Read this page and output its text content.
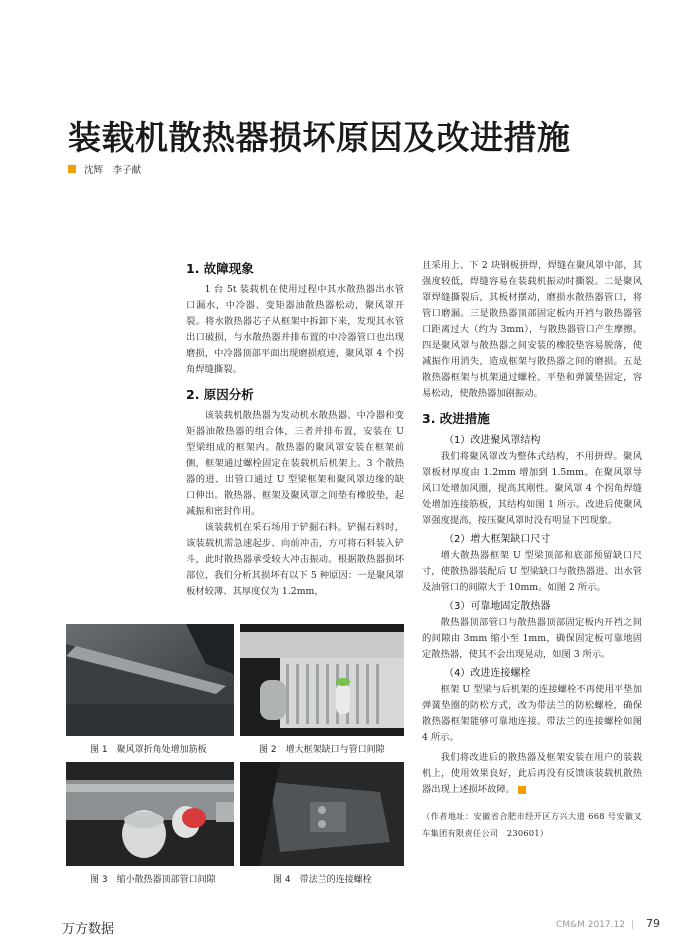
装载机散热器损坏原因及改进措施
沈辉　李子献
1. 故障现象

1 台 5t 装载机在使用过程中其水散热器出水管口漏水，中冷器、变矩器油散热器松动，聚风罩开裂。将水散热器芯子从框架中拆卸下来，发现其水管出口破损，与水散热器并排布置的中冷器管口也出现磨损，中冷器顶部平面出现磨损痕迹，聚风罩 4 个拐角焊缝撕裂。

2. 原因分析

该装载机散热器为发动机水散热器、中冷器和变矩器油散热器的组合体，三者并排布置，安装在 U 型梁组成的框架内。散热器的聚风罩安装在框架前侧，框架通过螺栓固定在装载机后机架上。3 个散热器的进、出管口通过 U 型梁框架和聚风罩边缘的缺口伸出。散热器、框架及聚风罩之间垫有橡胶垫，起减振和密封作用。

该装载机在采石场用于铲掘石料。铲掘石料时，该装载机需急速起步、向前冲击，方可将石料装入铲斗，此时散热器承受较大冲击振动。根据散热器损坏部位，我们分析其损坏有以下 5 种原因：一是聚风罩板材较薄、其厚度仅为 1.2mm，

且采用上、下 2 块钢板拼焊，焊缝在聚风罩中部，其强度较低，焊缝容易在装载机振动时撕裂。二是聚风罩焊缝撕裂后，其板材摆动，磨损水散热器管口，将管口磨漏。三是散热器顶部固定板内开裆与散热器管口距离过大（约为 3mm），与散热器管口产生摩擦。四是聚风罩与散热器之间安装的橡胶垫容易脱落，使减振作用消失，造成框架与散热器之间的磨损。五是散热器框架与机架通过螺栓、平垫和弹簧垫固定，容易松动，使散热器加剧振动。

3. 改进措施
（1）改进聚风罩结构

我们将聚风罩改为整体式结构，不用拼焊。聚风罩板材厚度由 1.2mm 增加到 1.5mm。在聚风罩导风口处增加风圈，提高其刚性。聚风罩 4 个拐角焊缝处增加连接筋板，其结构如图 1 所示。改进后使聚风罩强度提高，按压聚风罩时没有明显下凹现象。

（2）增大框架缺口尺寸

增大散热器框架 U 型梁顶部和底部预留缺口尺寸，使散热器装配后 U 型梁缺口与散热器进、出水管及油管口的间隙大于 10mm。如图 2 所示。

（3）可靠地固定散热器

散热器顶部管口与散热器顶部固定板内开裆之间的间隙由 3mm 缩小至 1mm，确保固定板可靠地固定散热器，使其不会出现晃动，如图 3 所示。

（4）改进连接螺栓

框架 U 型梁与后机架的连接螺栓不再使用平垫加弹簧垫圈的防松方式，改为带法兰的防松螺栓，确保散热器框架能够可靠地连接。带法兰的连接螺栓如图 4 所示。

我们将改进后的散热器及框架安装在用户的装载机上，使用效果良好，此后再没有反馈该装载机散热器出现上述损坏故障。

（作者地址：安徽省合肥市经开区方兴大道 668 号安徽叉车集团有限责任公司　230601）

图 1　聚风罩折角处增加筋板	图 2　增大框架缺口与管口间隙
图 3　缩小散热器顶部管口间隙	图 4　带法兰的连接螺栓
万方数据	CM&M 2017.12 | 79
